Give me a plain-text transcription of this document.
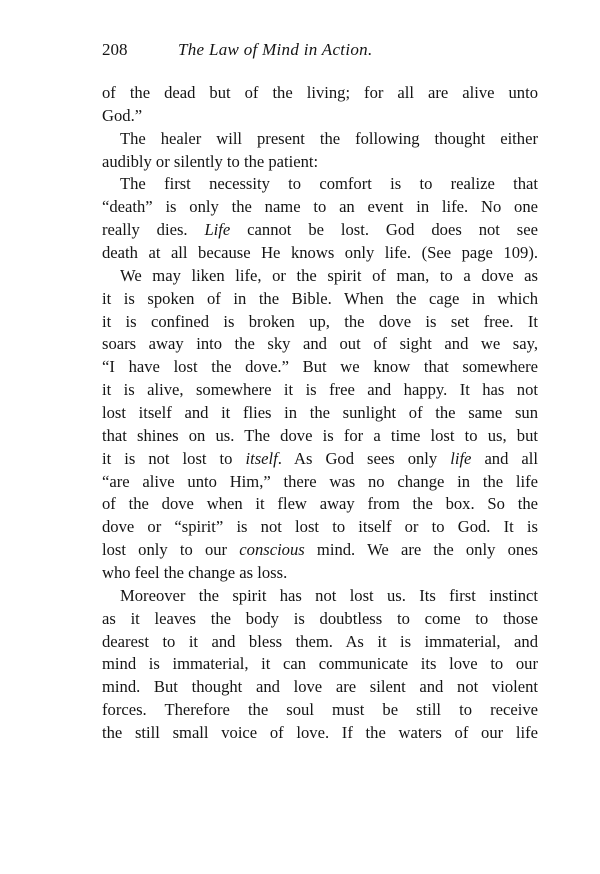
208	The Law of Mind in Action.
of the dead but of the living; for all are alive unto
God.”
The healer will present the following thought either
audibly or silently to the patient:
The first necessity to comfort is to realize that
“death” is only the name to an event in life. No one
really dies. Life cannot be lost. God does not see
death at all because He knows only life. (See page 109).
We may liken life, or the spirit of man, to a dove as
it is spoken of in the Bible. When the cage in which
it is confined is broken up, the dove is set free. It
soars away into the sky and out of sight and we say,
“I have lost the dove.” But we know that somewhere
it is alive, somewhere it is free and happy. It has not
lost itself and it flies in the sunlight of the same sun
that shines on us. The dove is for a time lost to us, but
it is not lost to itself. As God sees only life and all
“are alive unto Him,” there was no change in the life
of the dove when it flew away from the box. So the
dove or “spirit” is not lost to itself or to God. It is
lost only to our conscious mind. We are the only ones
who feel the change as loss.
Moreover the spirit has not lost us. Its first instinct
as it leaves the body is doubtless to come to those
dearest to it and bless them. As it is immaterial, and
mind is immaterial, it can communicate its love to our
mind. But thought and love are silent and not violent
forces. Therefore the soul must be still to receive
the still small voice of love. If the waters of our life
